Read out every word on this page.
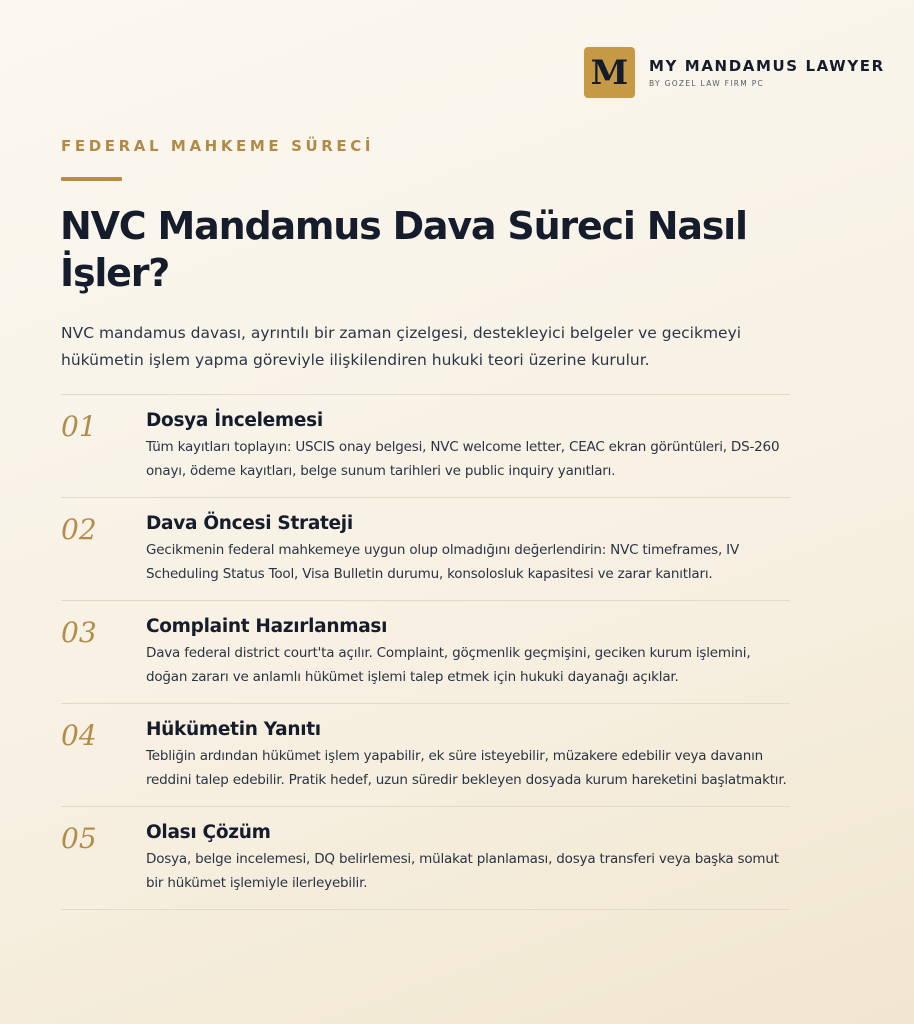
M	MY MANDAMUS LAWYER
BY GOZEL LAW FIRM PC
FEDERAL MAHKEME SÜRECİ
NVC Mandamus Dava Süreci Nasıl İşler?

NVC mandamus davası, ayrıntılı bir zaman çizelgesi, destekleyici belgeler ve gecikmeyi hükümetin işlem yapma göreviyle ilişkilendiren hukuki teori üzerine kurulur.

01	Dosya İncelemesi
Tüm kayıtları toplayın: USCIS onay belgesi, NVC welcome letter, CEAC ekran görüntüleri, DS-260 onayı, ödeme kayıtları, belge sunum tarihleri ve public inquiry yanıtları.
02	Dava Öncesi Strateji
Gecikmenin federal mahkemeye uygun olup olmadığını değerlendirin: NVC timeframes, IV Scheduling Status Tool, Visa Bulletin durumu, konsolosluk kapasitesi ve zarar kanıtları.
03	Complaint Hazırlanması
Dava federal district court'ta açılır. Complaint, göçmenlik geçmişini, geciken kurum işlemini, doğan zararı ve anlamlı hükümet işlemi talep etmek için hukuki dayanağı açıklar.
04	Hükümetin Yanıtı
Tebliğin ardından hükümet işlem yapabilir, ek süre isteyebilir, müzakere edebilir veya davanın reddini talep edebilir. Pratik hedef, uzun süredir bekleyen dosyada kurum hareketini başlatmaktır.
05	Olası Çözüm
Dosya, belge incelemesi, DQ belirlemesi, mülakat planlaması, dosya transferi veya başka somut bir hükümet işlemiyle ilerleyebilir.
